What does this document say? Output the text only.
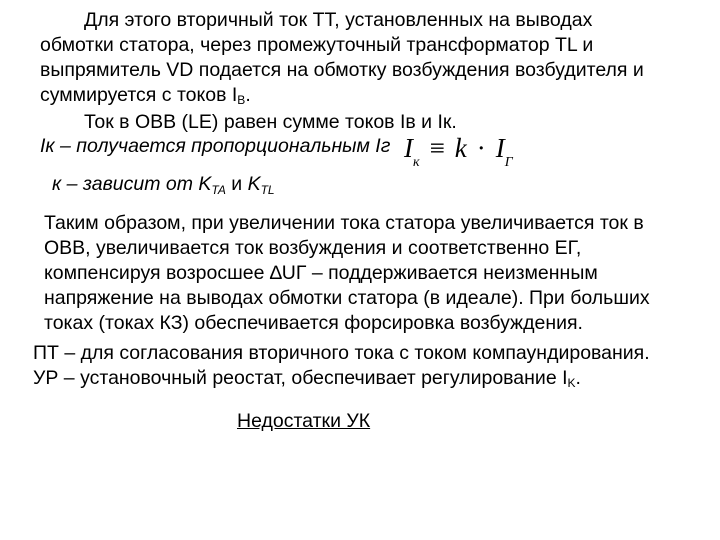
Для этого вторичный ток ТТ, установленных на выводах
обмотки статора, через промежуточный трансформатор TL и
выпрямитель VD подается на обмотку возбуждения возбудителя и
суммируется с токов IB.
Ток в ОВВ (LE) равен сумме токов Iв и Iк.
Iк – получается пропорциональным Iг $I_к \equiv k \cdot I_Г$
к – зависит от $K_{TA}$ и $K_{TL}$
Таким образом, при увеличении тока статора увеличивается ток в
ОВВ, увеличивается ток возбуждения и соответственно ЕГ,
компенсируя возросшее ∆UГ – поддерживается неизменным
напряжение на выводах обмотки статора (в идеале). При больших
токах (токах КЗ) обеспечивается форсировка возбуждения.
ПТ – для согласования вторичного тока с током компаундирования.
УР – установочный реостат, обеспечивает регулирование IK.
Недостатки УК
